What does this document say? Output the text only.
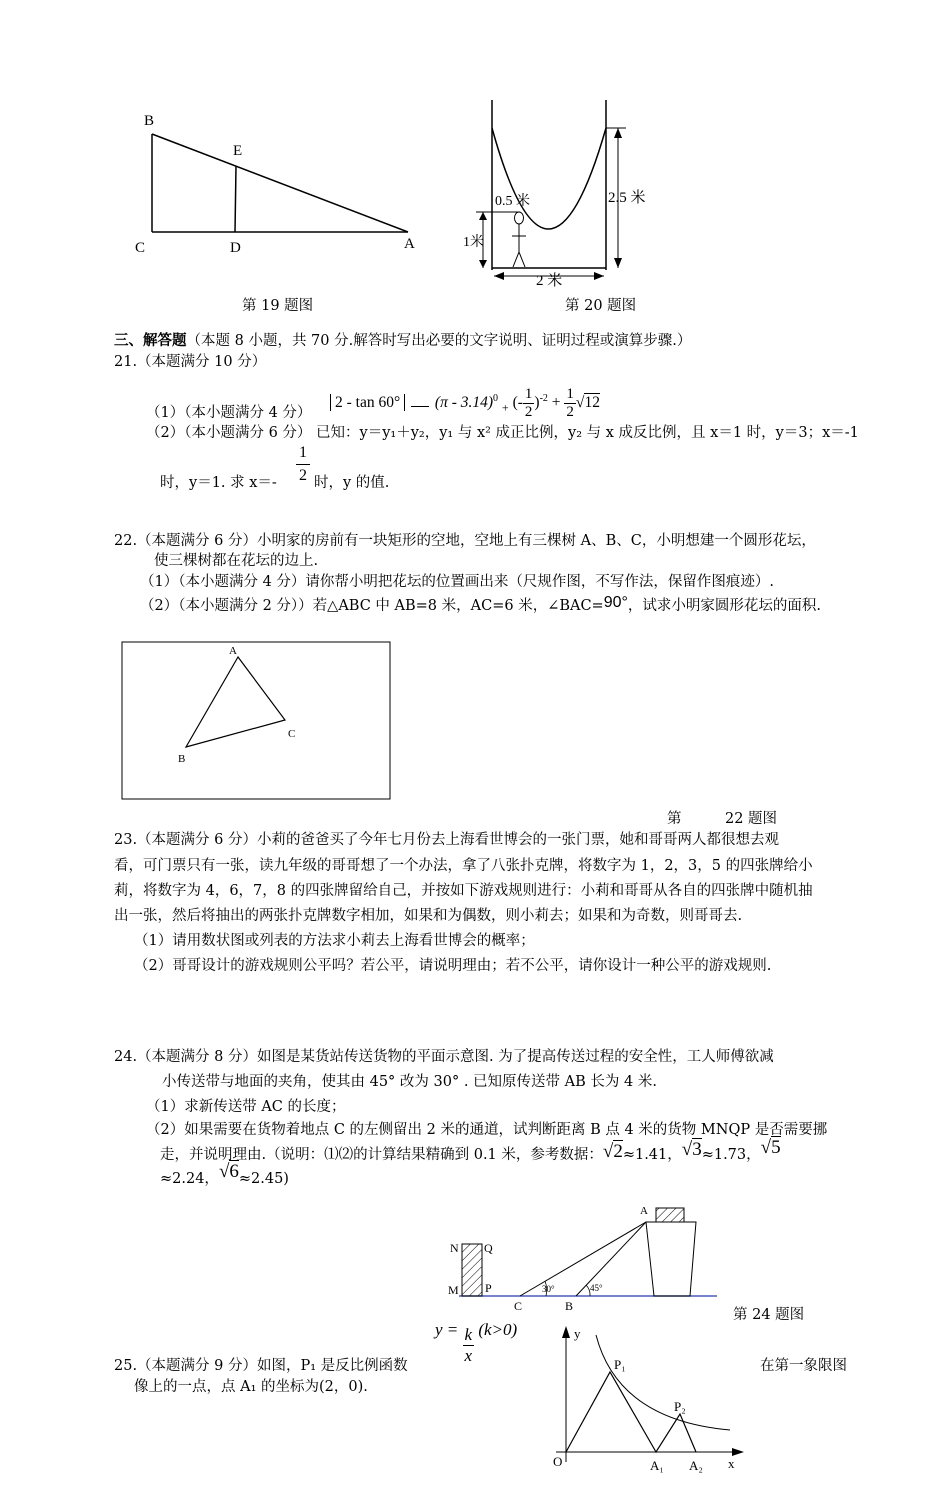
B
E
C	D	A
第 19 题图
0.5 米
1米
2.5 米
2 米
第 20 题图
三、解答题（本题 8 小题，共 70 分.解答时写出必要的文字说明、证明过程或演算步骤.）
21.（本题满分 10 分）
（1）（本小题满分 4 分）
2 - tan 60° (π - 3.14)$^0$ $_+$ (- $\frac{1}{2} )^{-2} + \frac{1}{2} √12$
（2）（本小题满分 6 分） 已知：y＝y₁＋y₂，y₁ 与 x² 成正比例，y₂ 与 x 成反比例，且 x＝1 时，y＝3；x＝-1
时，y＝1. 求 $x=- \frac{1}{2}$ 时，y 的值.
22.（本题满分 6 分）小明家的房前有一块矩形的空地，空地上有三棵树 A、B、C，小明想建一个圆形花坛，
使三棵树都在花坛的边上.
（1）（本小题满分 4 分）请你帮小明把花坛的位置画出来（尺规作图，不写作法，保留作图痕迹）.
（2）（本小题满分 2 分））若△ABC 中 AB=8 米，AC=6 米，∠BAC=90°，试求小明家圆形花坛的面积.
A
B
C
第　　　22 题图
23.（本题满分 6 分）小莉的爸爸买了今年七月份去上海看世博会的一张门票，她和哥哥两人都很想去观
看，可门票只有一张，读九年级的哥哥想了一个办法，拿了八张扑克牌，将数字为 1，2，3，5 的四张牌给小
莉，将数字为 4，6，7，8 的四张牌留给自己，并按如下游戏规则进行：小莉和哥哥从各自的四张牌中随机抽
出一张，然后将抽出的两张扑克牌数字相加，如果和为偶数，则小莉去；如果和为奇数，则哥哥去.
（1）请用数状图或列表的方法求小莉去上海看世博会的概率；
（2）哥哥设计的游戏规则公平吗？若公平，请说明理由；若不公平，请你设计一种公平的游戏规则.
24.（本题满分 8 分）如图是某货站传送货物的平面示意图. 为了提高传送过程的安全性，工人师傅欲减
小传送带与地面的夹角，使其由 45° 改为 30° . 已知原传送带 AB 长为 4 米.
（1）求新传送带 AC 的长度；
（2）如果需要在货物着地点 C 的左侧留出 2 米的通道，试判断距离 B 点 4 米的货物 MNQP 是否需要挪
走，并说明理由.（说明：⑴⑵的计算结果精确到 0.1 米，参考数据：√2≈1.41，√3≈1.73，√5
≈2.24，√6≈2.45)
A
N Q
M P
C	B
30°	45°
第 24 题图
25.（本题满分 9 分）如图，P₁ 是反比例函数
$y = \frac{k}{x} (k>0)$
在第一象限图
像上的一点，点 A₁ 的坐标为(2，0).
y
x
O
P₁
P₂
A₁ A₂
